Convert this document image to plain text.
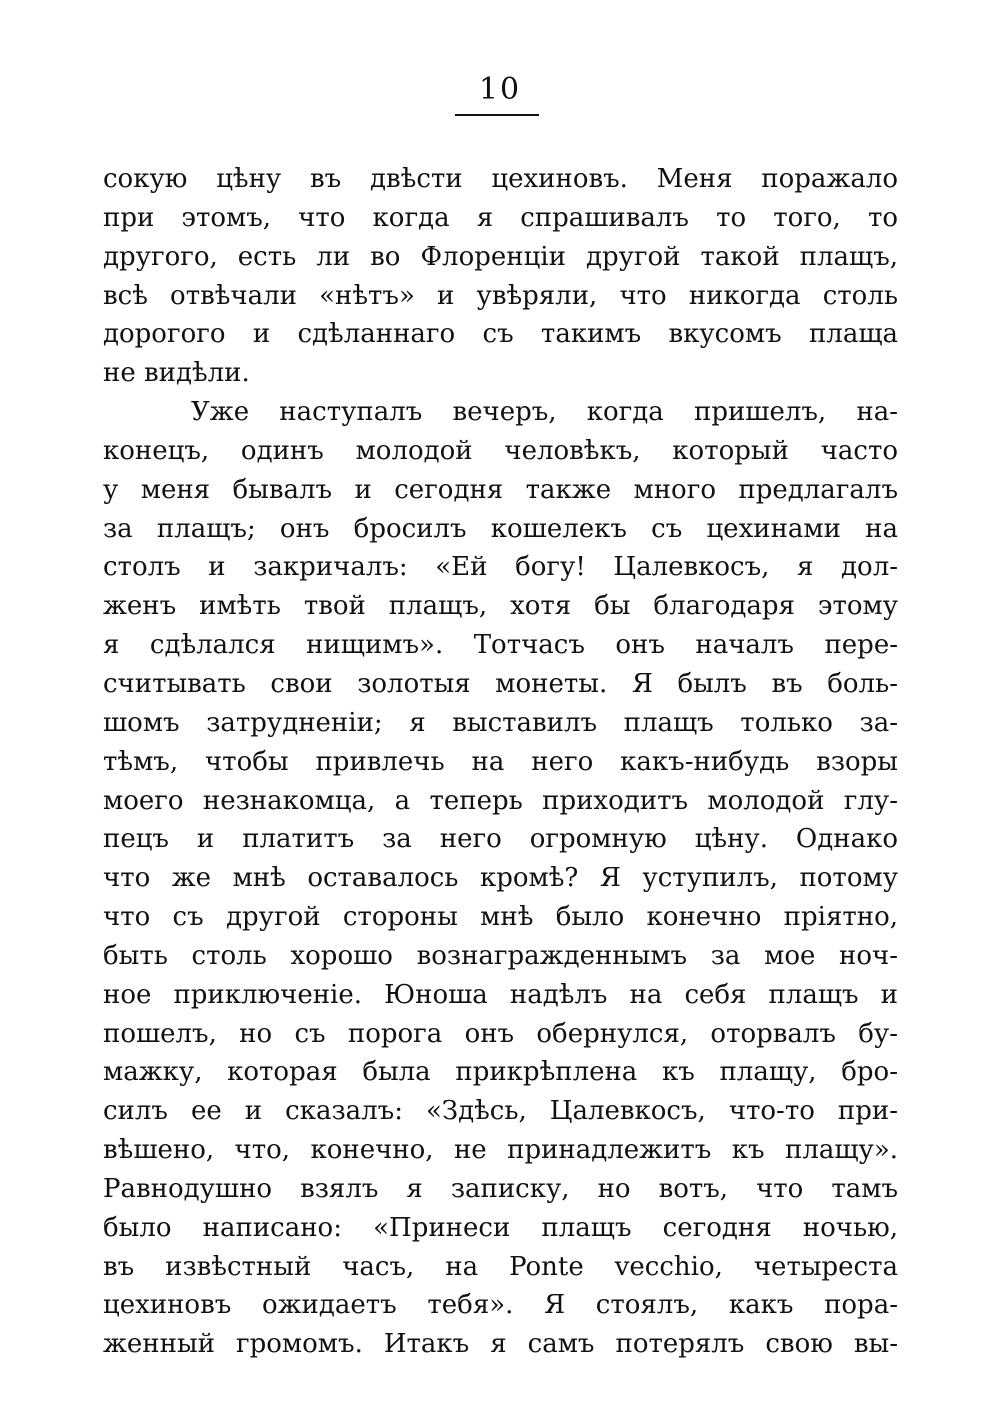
10
сокую цѣну въ двѣсти цехиновъ. Меня поражало
при этомъ, что когда я спрашивалъ то того, то
другого, есть ли во Флоренціи другой такой плащъ,
всѣ отвѣчали «нѣтъ» и увѣряли, что никогда столь
дорогого и сдѣланнаго съ такимъ вкусомъ плаща
не видѣли.
Уже наступалъ вечеръ, когда пришелъ, на-
конецъ, одинъ молодой человѣкъ, который часто
у меня бывалъ и сегодня также много предлагалъ
за плащъ; онъ бросилъ кошелекъ съ цехинами на
столъ и закричалъ: «Ей богу! Цалевкосъ, я дол-
женъ имѣть твой плащъ, хотя бы благодаря этому
я сдѣлался нищимъ». Тотчасъ онъ началъ пере-
считывать свои золотыя монеты. Я былъ въ боль-
шомъ затрудненіи; я выставилъ плащъ только за-
тѣмъ, чтобы привлечь на него какъ-нибудь взоры
моего незнакомца, а теперь приходитъ молодой глу-
пецъ и платитъ за него огромную цѣну. Однако
что же мнѣ оставалось кромѣ? Я уступилъ, потому
что съ другой стороны мнѣ было конечно пріятно,
быть столь хорошо вознагражденнымъ за мое ноч-
ное приключеніе. Юноша надѣлъ на себя плащъ и
пошелъ, но съ порога онъ обернулся, оторвалъ бу-
мажку, которая была прикрѣплена къ плащу, бро-
силъ ее и сказалъ: «Здѣсь, Цалевкосъ, что-то при-
вѣшено, что, конечно, не принадлежитъ къ плащу».
Равнодушно взялъ я записку, но вотъ, что тамъ
было написано: «Принеси плащъ сегодня ночью,
въ извѣстный часъ, на Ponte vecchio, четыреста
цехиновъ ожидаетъ тебя». Я стоялъ, какъ пора-
женный громомъ. Итакъ я самъ потерялъ свою вы-
